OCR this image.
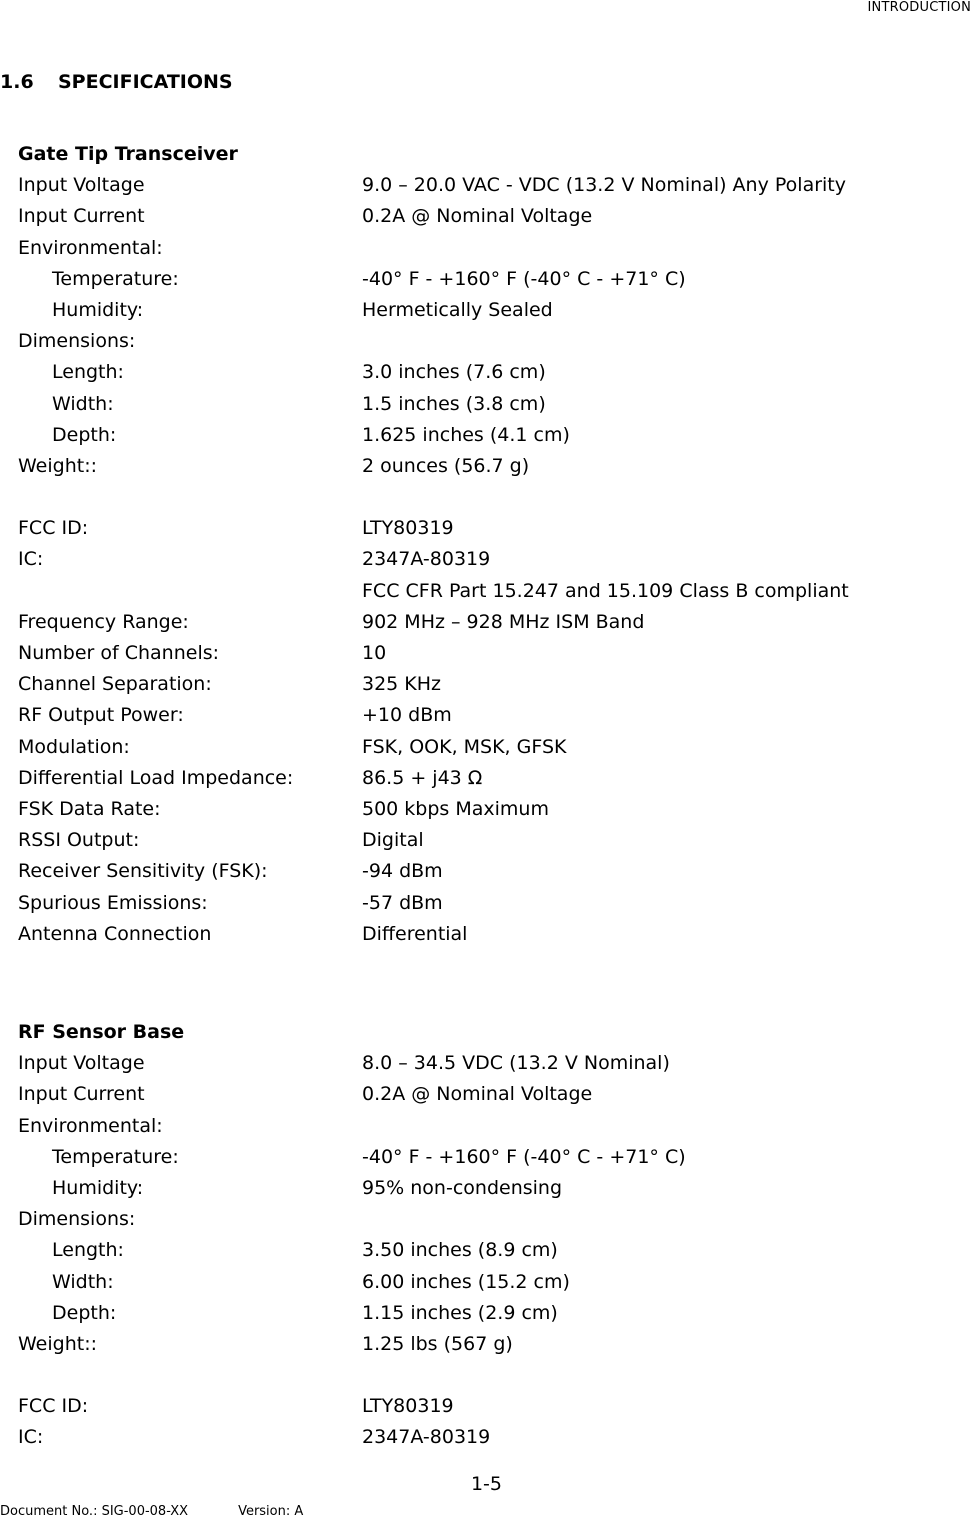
INTRODUCTION
1.6 SPECIFICATIONS
Gate Tip Transceiver
Input Voltage	9.0 – 20.0 VAC - VDC (13.2 V Nominal) Any Polarity
Input Current	0.2A @ Nominal Voltage
Environmental:
Temperature:	-40° F - +160° F (-40° C - +71° C)
Humidity:	Hermetically Sealed
Dimensions:
Length:	3.0 inches (7.6 cm)
Width:	1.5 inches (3.8 cm)
Depth:	1.625 inches (4.1 cm)
Weight::	2 ounces (56.7 g)
FCC ID:	LTY80319
IC:	2347A-80319
FCC CFR Part 15.247 and 15.109 Class B compliant
Frequency Range:	902 MHz – 928 MHz ISM Band
Number of Channels:	10
Channel Separation:	325 KHz
RF Output Power:	+10 dBm
Modulation:	FSK, OOK, MSK, GFSK
Differential Load Impedance:	86.5 + j43 Ω
FSK Data Rate:	500 kbps Maximum
RSSI Output:	Digital
Receiver Sensitivity (FSK):	-94 dBm
Spurious Emissions:	-57 dBm
Antenna Connection	Differential
RF Sensor Base
Input Voltage	8.0 – 34.5 VDC (13.2 V Nominal)
Input Current	0.2A @ Nominal Voltage
Environmental:
Temperature:	-40° F - +160° F (-40° C - +71° C)
Humidity:	95% non-condensing
Dimensions:
Length:	3.50 inches (8.9 cm)
Width:	6.00 inches (15.2 cm)
Depth:	1.15 inches (2.9 cm)
Weight::	1.25 lbs (567 g)
FCC ID:	LTY80319
IC:	2347A-80319
1-5
Document No.: SIG-00-08-XX	Version: A
